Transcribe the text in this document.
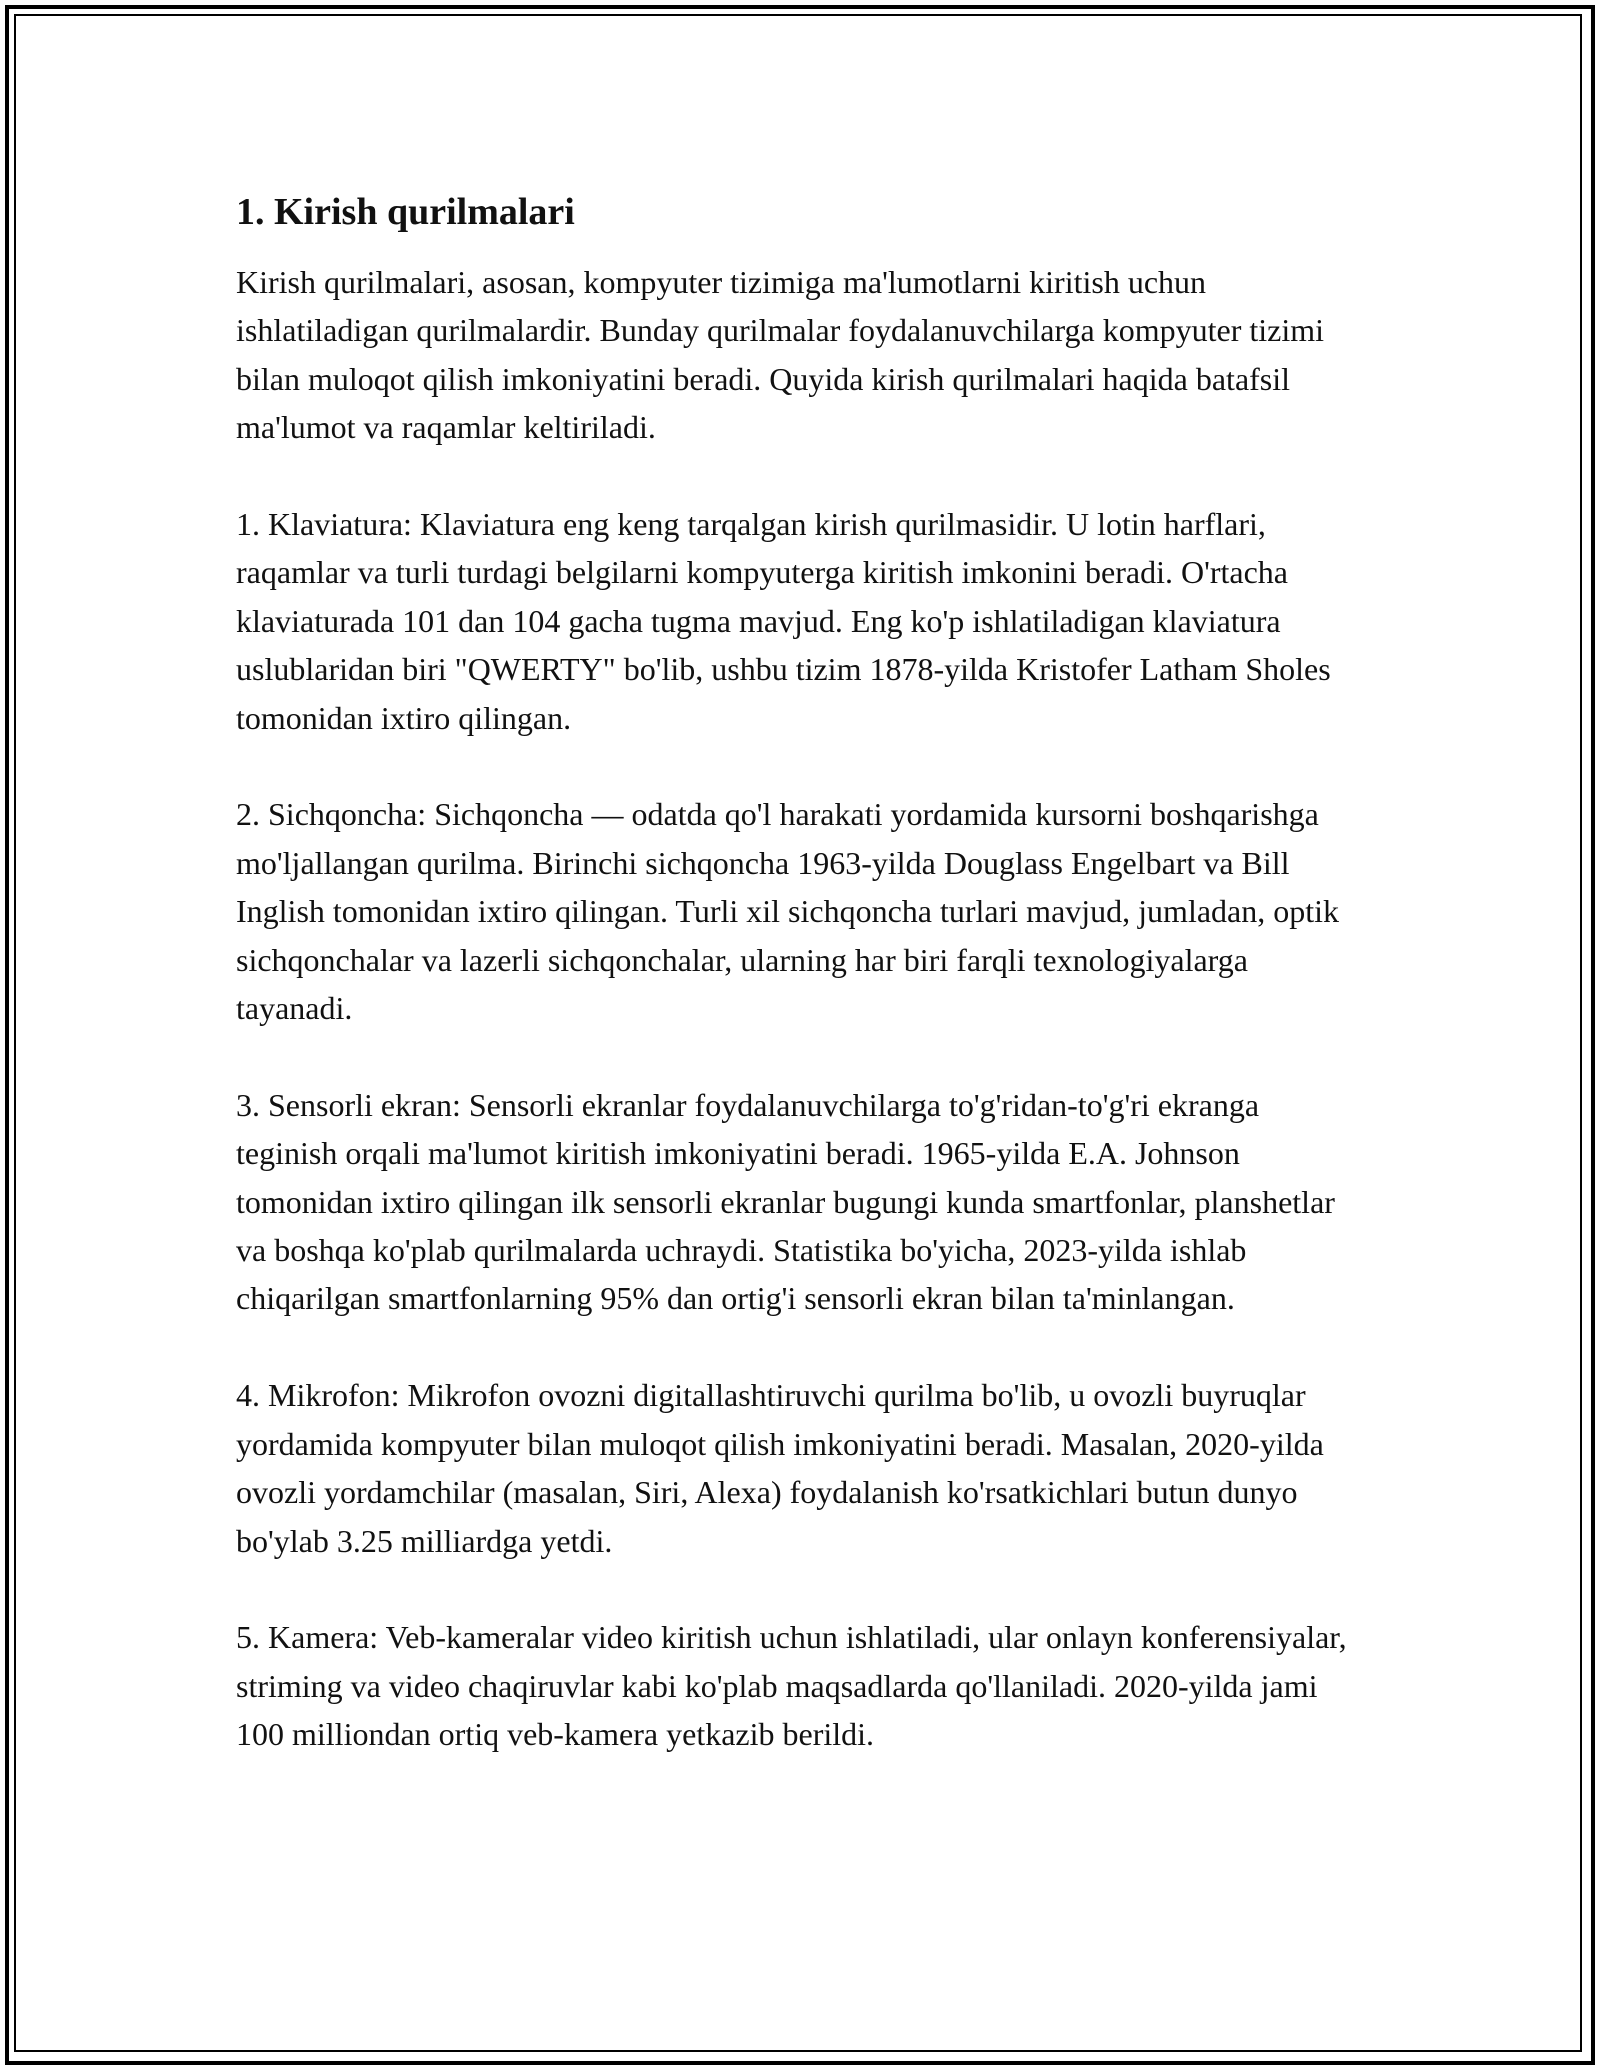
1. Kirish qurilmalari

Kirish qurilmalari, asosan, kompyuter tizimiga ma'lumotlarni kiritish uchun ishlatiladigan qurilmalardir. Bunday qurilmalar foydalanuvchilarga kompyuter tizimi bilan muloqot qilish imkoniyatini beradi. Quyida kirish qurilmalari haqida batafsil ma'lumot va raqamlar keltiriladi.

1. Klaviatura: Klaviatura eng keng tarqalgan kirish qurilmasidir. U lotin harflari, raqamlar va turli turdagi belgilarni kompyuterga kiritish imkonini beradi. O'rtacha klaviaturada 101 dan 104 gacha tugma mavjud. Eng ko'p ishlatiladigan klaviatura uslublaridan biri "QWERTY" bo'lib, ushbu tizim 1878-yilda Kristofer Latham Sholes tomonidan ixtiro qilingan.

2. Sichqoncha: Sichqoncha — odatda qo'l harakati yordamida kursorni boshqarishga mo'ljallangan qurilma. Birinchi sichqoncha 1963-yilda Douglass Engelbart va Bill Inglish tomonidan ixtiro qilingan. Turli xil sichqoncha turlari mavjud, jumladan, optik sichqonchalar va lazerli sichqonchalar, ularning har biri farqli texnologiyalarga tayanadi.

3. Sensorli ekran: Sensorli ekranlar foydalanuvchilarga to'g'ridan-to'g'ri ekranga teginish orqali ma'lumot kiritish imkoniyatini beradi. 1965-yilda E.A. Johnson tomonidan ixtiro qilingan ilk sensorli ekranlar bugungi kunda smartfonlar, planshetlar va boshqa ko'plab qurilmalarda uchraydi. Statistika bo'yicha, 2023-yilda ishlab chiqarilgan smartfonlarning 95% dan ortig'i sensorli ekran bilan ta'minlangan.

4. Mikrofon: Mikrofon ovozni digitallashtiruvchi qurilma bo'lib, u ovozli buyruqlar yordamida kompyuter bilan muloqot qilish imkoniyatini beradi. Masalan, 2020-yilda ovozli yordamchilar (masalan, Siri, Alexa) foydalanish ko'rsatkichlari butun dunyo bo'ylab 3.25 milliardga yetdi.

5. Kamera: Veb-kameralar video kiritish uchun ishlatiladi, ular onlayn konferensiyalar, striming va video chaqiruvlar kabi ko'plab maqsadlarda qo'llaniladi. 2020-yilda jami 100 milliondan ortiq veb-kamera yetkazib berildi.
